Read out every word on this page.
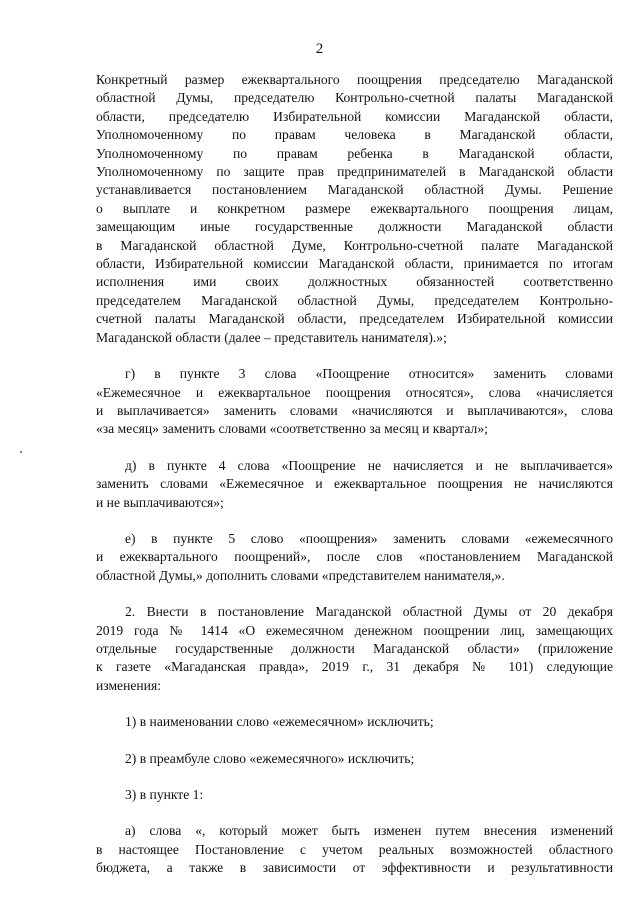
2

Конкретный размер ежеквартального поощрения председателю Магаданской
областной Думы, председателю Контрольно-счетной палаты Магаданской
области, председателю Избирательной комиссии Магаданской области,
Уполномоченному по правам человека в Магаданской области,
Уполномоченному по правам ребенка в Магаданской области,
Уполномоченному по защите прав предпринимателей в Магаданской области
устанавливается постановлением Магаданской областной Думы. Решение
о выплате и конкретном размере ежеквартального поощрения лицам,
замещающим иные государственные должности Магаданской области
в Магаданской областной Думе, Контрольно-счетной палате Магаданской
области, Избирательной комиссии Магаданской области, принимается по итогам
исполнения ими своих должностных обязанностей соответственно
председателем Магаданской областной Думы, председателем Контрольно-
счетной палаты Магаданской области, председателем Избирательной комиссии
Магаданской области (далее – представитель нанимателя).»;

г) в пункте 3 слова «Поощрение относится» заменить словами
«Ежемесячное и ежеквартальное поощрения относятся», слова «начисляется
и выплачивается» заменить словами «начисляются и выплачиваются», слова
«за месяц» заменить словами «соответственно за месяц и квартал»;

д) в пункте 4 слова «Поощрение не начисляется и не выплачивается»
заменить словами «Ежемесячное и ежеквартальное поощрения не начисляются
и не выплачиваются»;

е) в пункте 5 слово «поощрения» заменить словами «ежемесячного
и ежеквартального поощрений», после слов «постановлением Магаданской
областной Думы,» дополнить словами «представителем нанимателя,».

2. Внести в постановление Магаданской областной Думы от 20 декабря
2019 года № 1414 «О ежемесячном денежном поощрении лиц, замещающих
отдельные государственные должности Магаданской области» (приложение
к газете «Магаданская правда», 2019 г., 31 декабря № 101) следующие
изменения:

1) в наименовании слово «ежемесячном» исключить;

2) в преамбуле слово «ежемесячного» исключить;

3) в пункте 1:

а) слова «, который может быть изменен путем внесения изменений
в настоящее Постановление с учетом реальных возможностей областного
бюджета, а также в зависимости от эффективности и результативности
